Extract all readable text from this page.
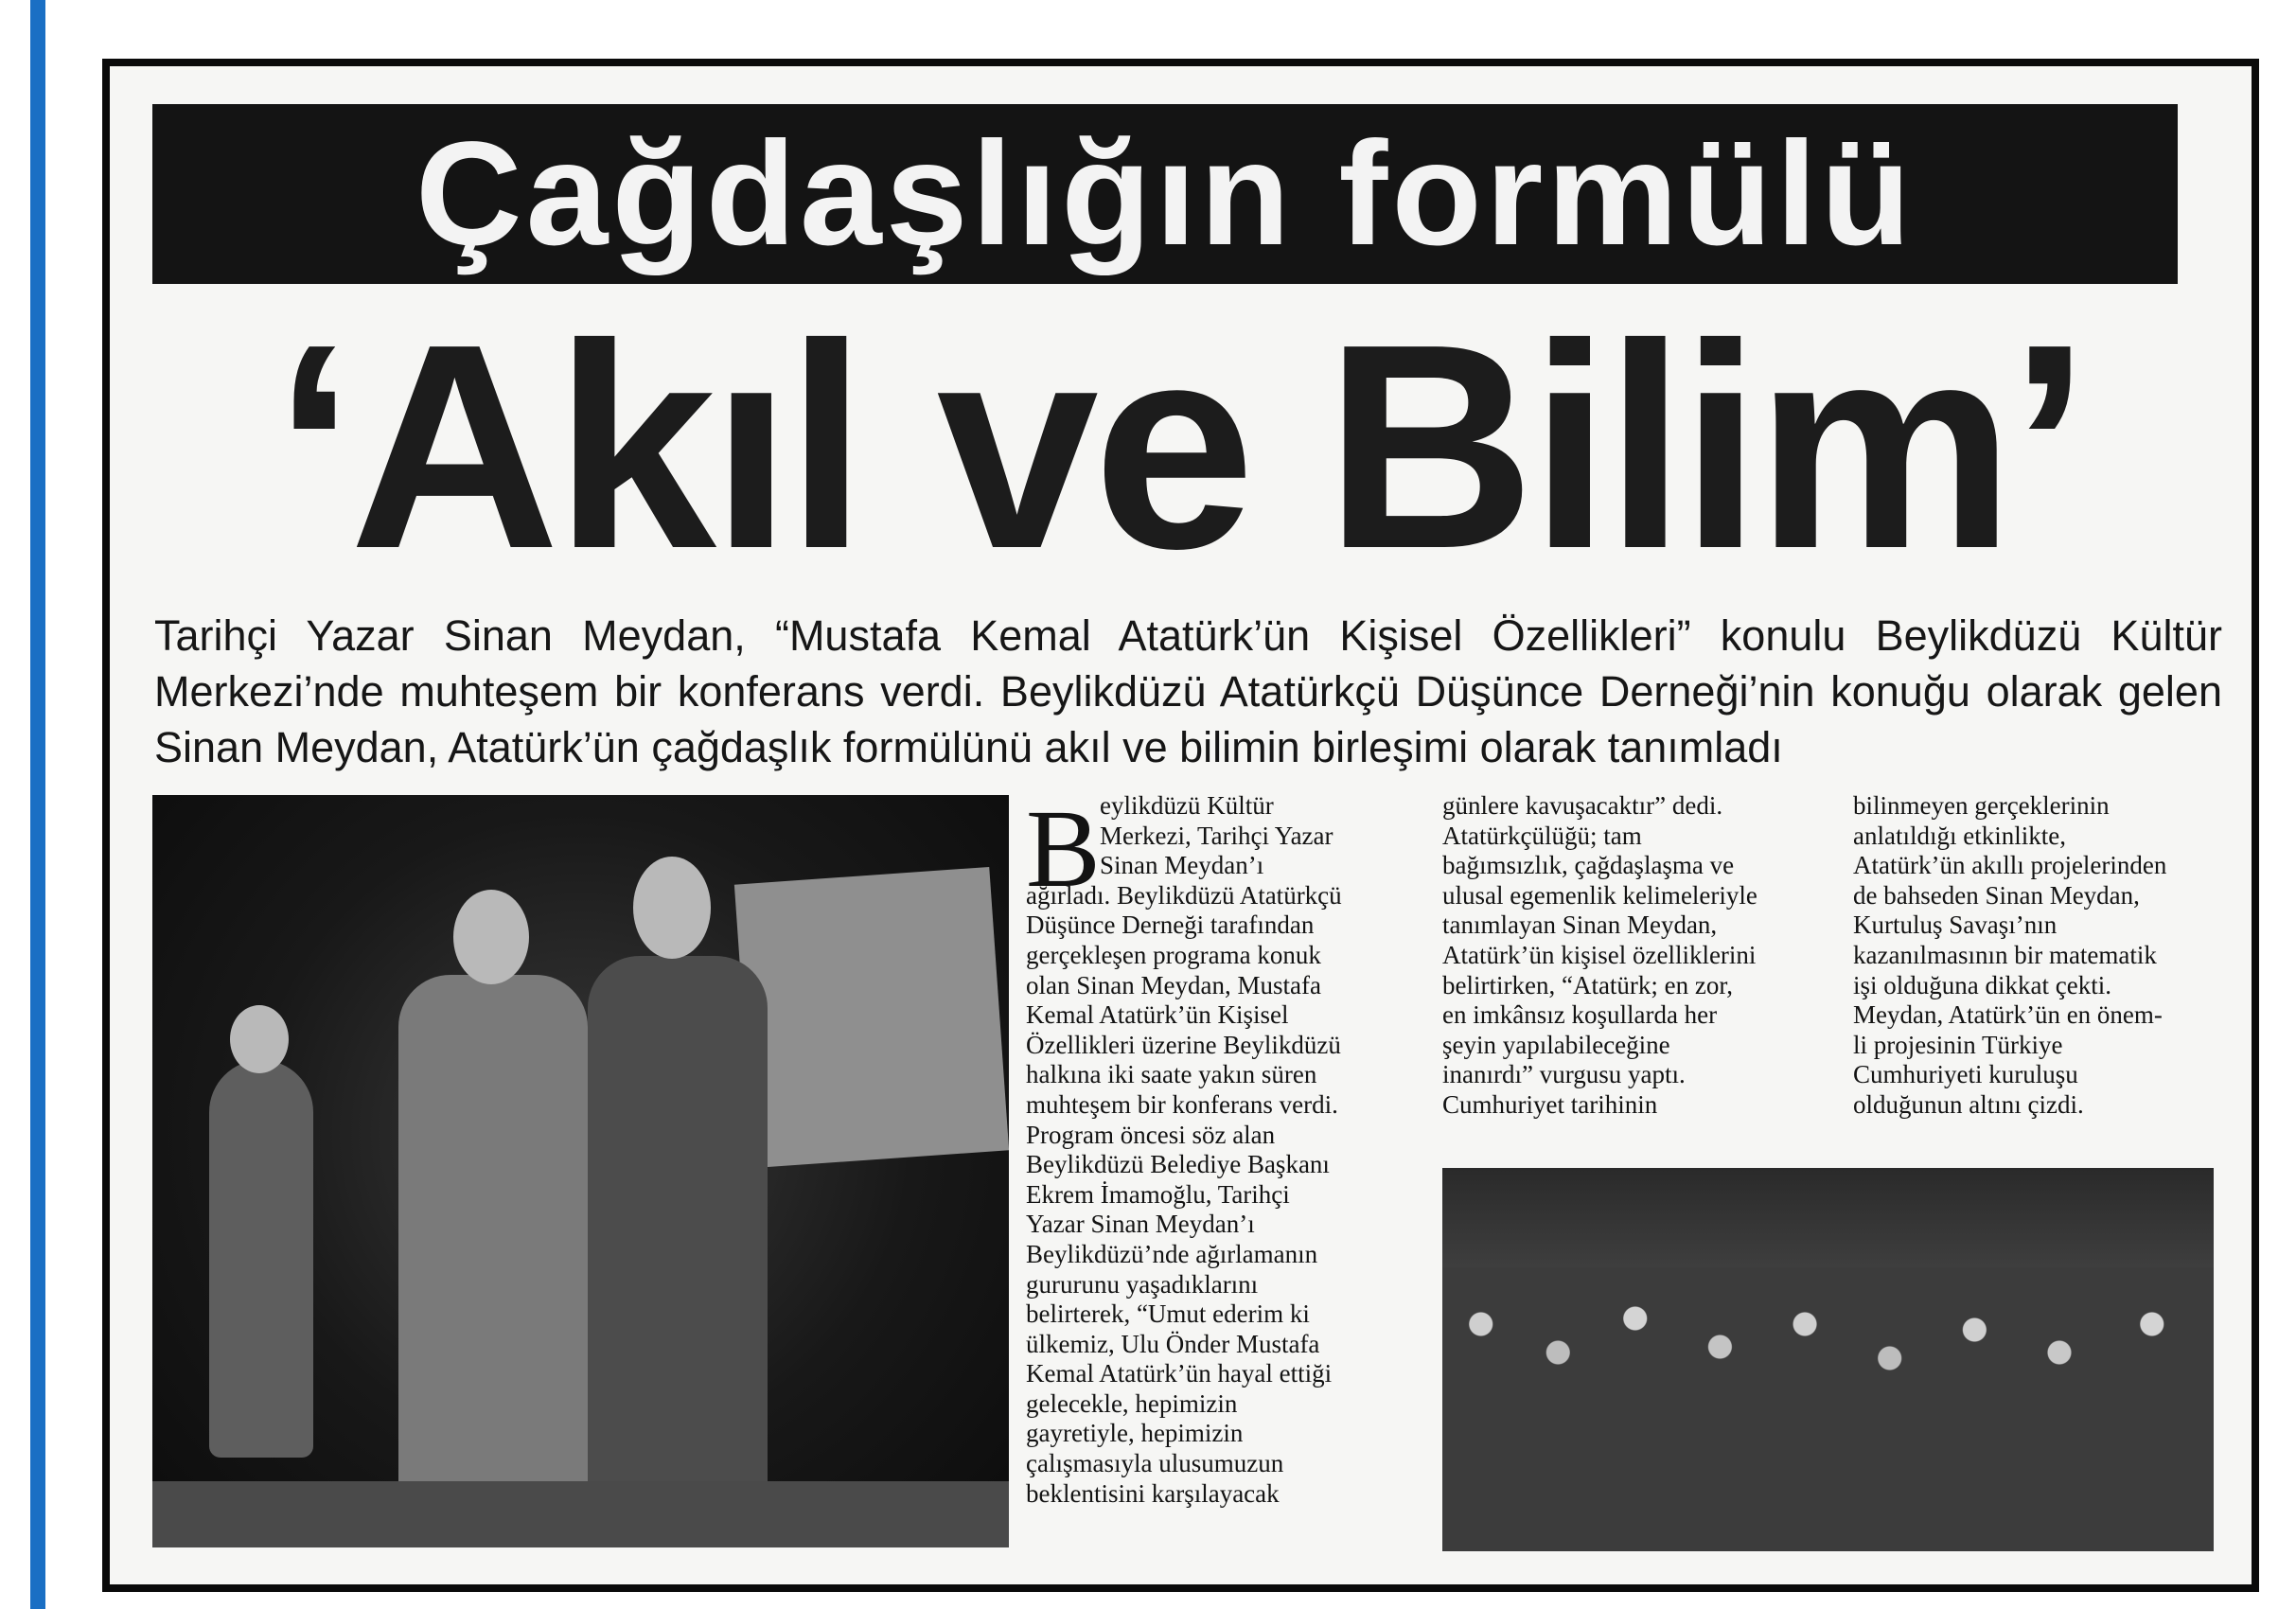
Çağdaşlığın formülü
‘Akıl ve Bilim’
Tarihçi Yazar Sinan Meydan, “Mustafa Kemal Atatürk’ün Kişisel Özellikleri” konulu Beylikdüzü Kültür Merkezi’nde muhteşem bir konferans verdi. Beylikdüzü Atatürkçü Düşünce Derneği’nin konuğu olarak gelen Sinan Meydan, Atatürk’ün çağdaşlık formülünü akıl ve bilimin birleşimi olarak tanımladı
B eylikdüzü Kültür
Merkezi, Tarihçi Yazar
Sinan Meydan’ı
ağırladı. Beylikdüzü Atatürkçü
Düşünce Derneği tarafından
gerçekleşen programa konuk
olan Sinan Meydan, Mustafa
Kemal Atatürk’ün Kişisel
Özellikleri üzerine Beylikdüzü
halkına iki saate yakın süren
muhteşem bir konferans verdi.
Program öncesi söz alan
Beylikdüzü Belediye Başkanı
Ekrem İmamoğlu, Tarihçi
Yazar Sinan Meydan’ı
Beylikdüzü’nde ağırlamanın
gururunu yaşadıklarını
belirterek, “Umut ederim ki
ülkemiz, Ulu Önder Mustafa
Kemal Atatürk’ün hayal ettiği
gelecekle, hepimizin
gayretiyle, hepimizin
çalışmasıyla ulusumuzun
beklentisini karşılayacak
günlere kavuşacaktır” dedi.
Atatürkçülüğü; tam
bağımsızlık, çağdaşlaşma ve
ulusal egemenlik kelimeleriyle
tanımlayan Sinan Meydan,
Atatürk’ün kişisel özelliklerini
belirtirken, “Atatürk; en zor,
en imkânsız koşullarda her
şeyin yapılabileceğine
inanırdı” vurgusu yaptı.
Cumhuriyet tarihinin
bilinmeyen gerçeklerinin
anlatıldığı etkinlikte,
Atatürk’ün akıllı projelerinden
de bahseden Sinan Meydan,
Kurtuluş Savaşı’nın
kazanılmasının bir matematik
işi olduğuna dikkat çekti.
Meydan, Atatürk’ün en önem-
li projesinin Türkiye
Cumhuriyeti kuruluşu
olduğunun altını çizdi.
